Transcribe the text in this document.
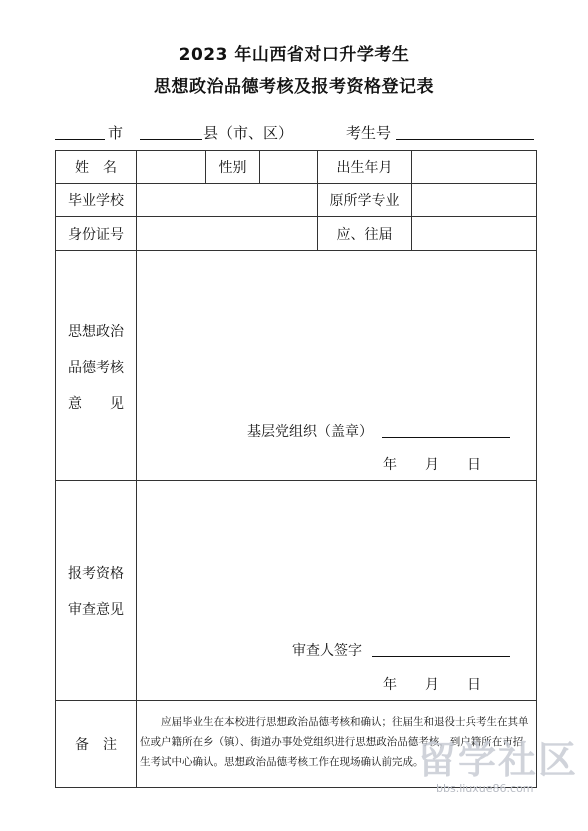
2023 年山西省对口升学考生
思想政治品德考核及报考资格登记表
市	县（市、区）	考生号
姓　名	性别	出生年月
毕业学校	原所学专业
身份证号	应、往届
思想政治
品德考核
意　　见
基层党组织（盖章）
年　　月　　日
报考资格
审查意见
审查人签字
年　　月　　日
备　注
应届毕业生在本校进行思想政治品德考核和确认；往届生和退役士兵考生在其单位或户籍所在乡（镇）、街道办事处党组织进行思想政治品德考核，到户籍所在市招生考试中心确认。思想政治品德考核工作在现场确认前完成。
留学社区
bbs.liuxue86.com
